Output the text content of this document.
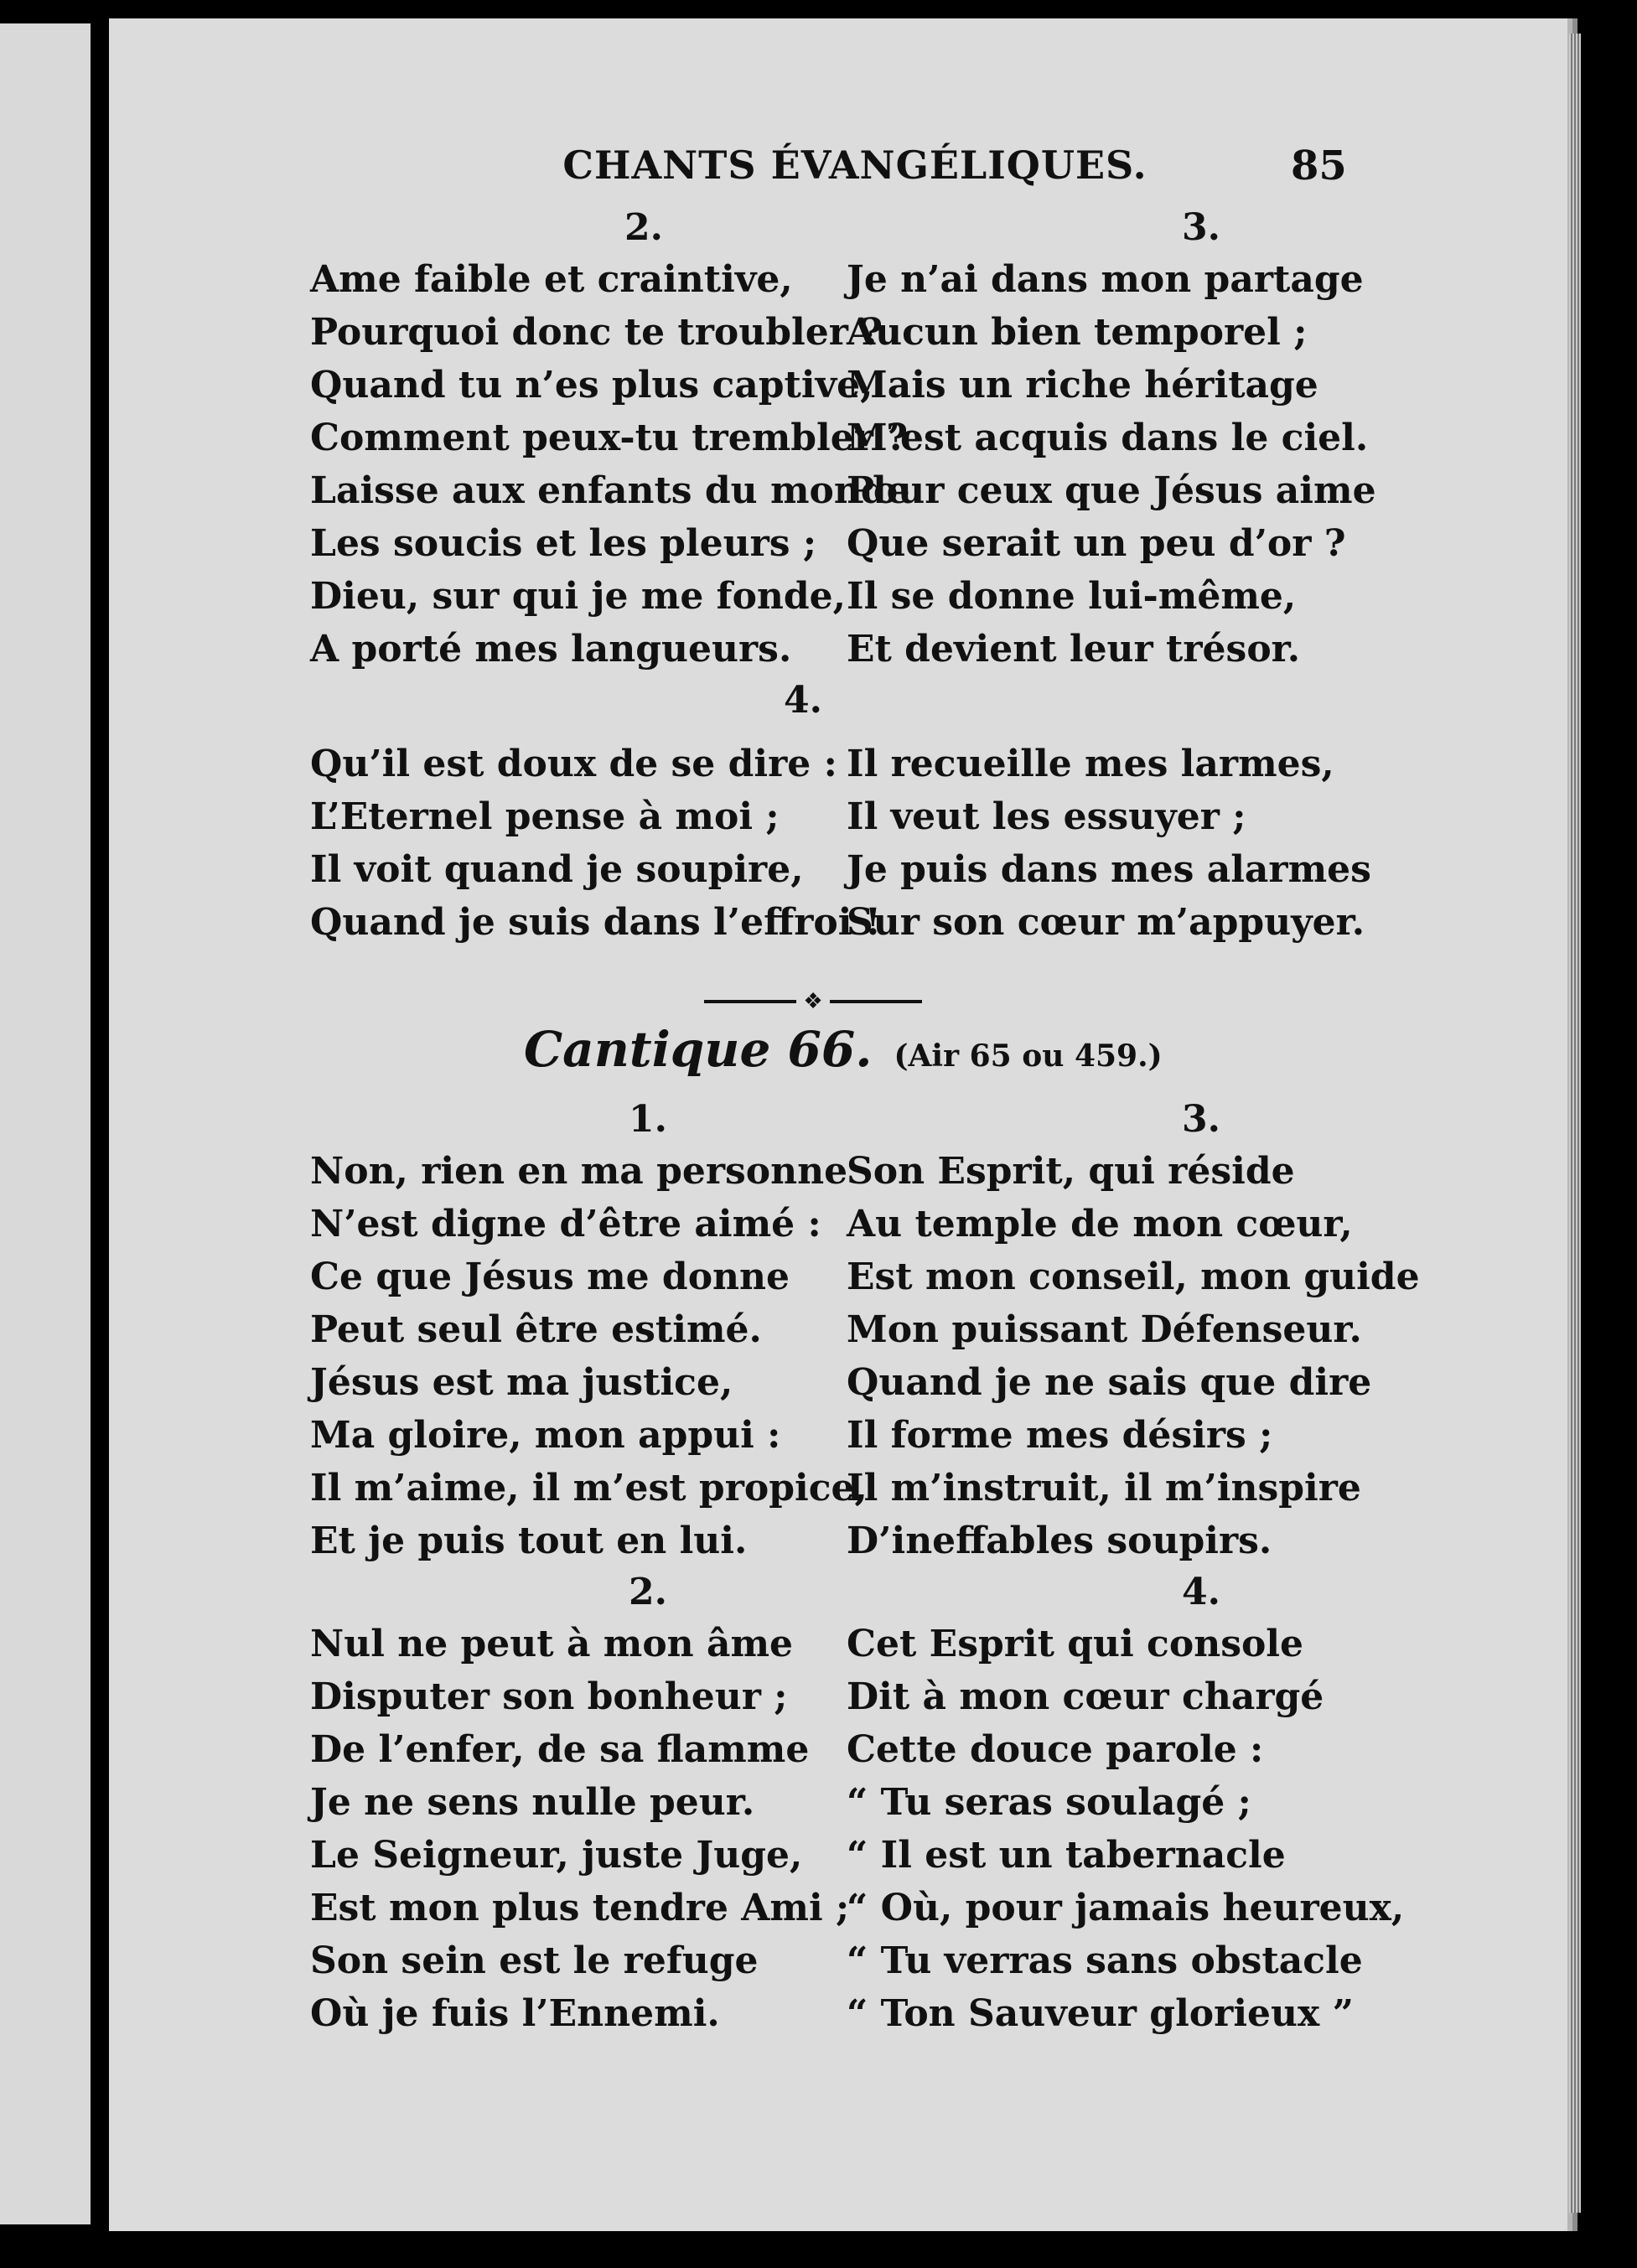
CHANTS ÉVANGÉLIQUES.	85
2.
Ame faible et craintive,
Pourquoi donc te troubler ?
Quand tu n’es plus captive,
Comment peux-tu trembler ?
Laisse aux enfants du monde
Les soucis et les pleurs ;
Dieu, sur qui je me fonde,
A porté mes langueurs.
3.
Je n’ai dans mon partage
Aucun bien temporel ;
Mais un riche héritage
M’est acquis dans le ciel.
Pour ceux que Jésus aime
Que serait un peu d’or ?
Il se donne lui-même,
Et devient leur trésor.
4.
Qu’il est doux de se dire :
L’Eternel pense à moi ;
Il voit quand je soupire,
Quand je suis dans l’effroi !
Il recueille mes larmes,
Il veut les essuyer ;
Je puis dans mes alarmes
Sur son cœur m’appuyer.
❖
Cantique 66. (Air 65 ou 459.)
1.
Non, rien en ma personne
N’est digne d’être aimé :
Ce que Jésus me donne
Peut seul être estimé.
Jésus est ma justice,
Ma gloire, mon appui :
Il m’aime, il m’est propice,
Et je puis tout en lui.
2.
Nul ne peut à mon âme
Disputer son bonheur ;
De l’enfer, de sa flamme
Je ne sens nulle peur.
Le Seigneur, juste Juge,
Est mon plus tendre Ami ;
Son sein est le refuge
Où je fuis l’Ennemi.
3.
Son Esprit, qui réside
Au temple de mon cœur,
Est mon conseil, mon guide
Mon puissant Défenseur.
Quand je ne sais que dire
Il forme mes désirs ;
Il m’instruit, il m’inspire
D’ineffables soupirs.
4.
Cet Esprit qui console
Dit à mon cœur chargé
Cette douce parole :
“ Tu seras soulagé ;
“ Il est un tabernacle
“ Où, pour jamais heureux,
“ Tu verras sans obstacle
“ Ton Sauveur glorieux ”
